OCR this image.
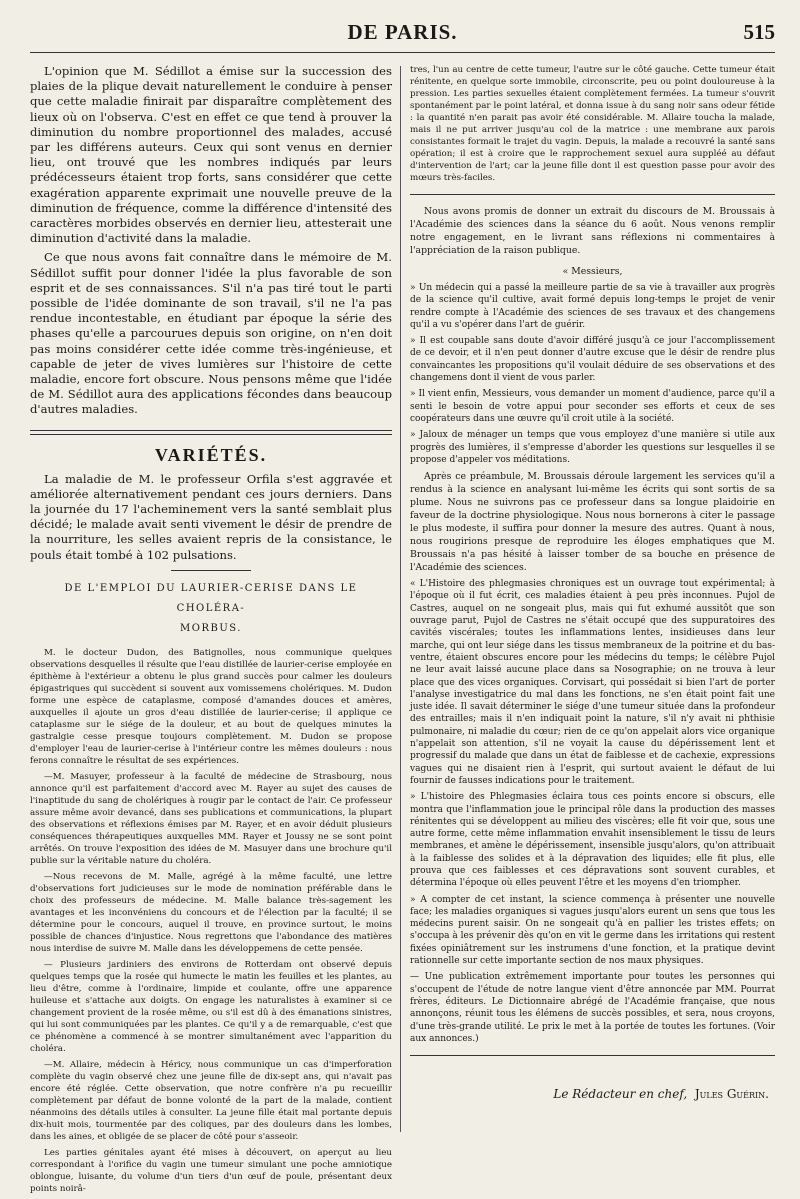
DE PARIS.	515

L'opinion que M. Sédillot a émise sur la succession des plaies de la plique devait naturellement le conduire à penser que cette maladie finirait par disparaître complètement des lieux où on l'observa. C'est en effet ce que tend à prouver la diminution du nombre proportionnel des malades, accusé par les différens auteurs. Ceux qui sont venus en dernier lieu, ont trouvé que les nombres indiqués par leurs prédécesseurs étaient trop forts, sans considérer que cette exagération apparente exprimait une nouvelle preuve de la diminution de fréquence, comme la différence d'intensité des caractères morbides observés en dernier lieu, attesterait une diminution d'activité dans la maladie.

Ce que nous avons fait connaître dans le mémoire de M. Sédillot suffit pour donner l'idée la plus favorable de son esprit et de ses connaissances. S'il n'a pas tiré tout le parti possible de l'idée dominante de son travail, s'il ne l'a pas rendue incontestable, en étudiant par époque la série des phases qu'elle a parcourues depuis son origine, on n'en doit pas moins considérer cette idée comme très-ingénieuse, et capable de jeter de vives lumières sur l'histoire de cette maladie, encore fort obscure. Nous pensons même que l'idée de M. Sédillot aura des applications fécondes dans beaucoup d'autres maladies.

VARIÉTÉS.

La maladie de M. le professeur Orfila s'est aggravée et améliorée alternativement pendant ces jours derniers. Dans la journée du 17 l'acheminement vers la santé semblait plus décidé; le malade avait senti vivement le désir de prendre de la nourriture, les selles avaient repris de la consistance, le pouls était tombé à 102 pulsations.

DE L'EMPLOI DU LAURIER-CERISE DANS LE CHOLÉRA-
MORBUS.

M. le docteur Dudon, des Batignolles, nous communique quelques observations desquelles il résulte que l'eau distillée de laurier-cerise employée en épithème à l'extérieur a obtenu le plus grand succès pour calmer les douleurs épigastriques qui succèdent si souvent aux vomissemens cholériques. M. Dudon forme une espèce de cataplasme, composé d'amandes douces et amères, auxquelles il ajoute un gros d'eau distillée de laurier-cerise; il applique ce cataplasme sur le siége de la douleur, et au bout de quelques minutes la gastralgie cesse presque toujours complètement. M. Dudon se propose d'employer l'eau de laurier-cerise à l'intérieur contre les mêmes douleurs : nous ferons connaître le résultat de ses expériences.

—M. Masuyer, professeur à la faculté de médecine de Strasbourg, nous annonce qu'il est parfaitement d'accord avec M. Rayer au sujet des causes de l'inaptitude du sang de cholériques à rougir par le contact de l'air. Ce professeur assure même avoir devancé, dans ses publications et communications, la plupart des observations et réflexions émises par M. Rayer, et en avoir déduit plusieurs conséquences thérapeutiques auxquelles MM. Rayer et Joussy ne se sont point arrêtés. On trouve l'exposition des idées de M. Masuyer dans une brochure qu'il publie sur la véritable nature du choléra.

—Nous recevons de M. Malle, agrégé à la même faculté, une lettre d'observations fort judicieuses sur le mode de nomination préférable dans le choix des professeurs de médecine. M. Malle balance très-sagement les avantages et les inconvéniens du concours et de l'élection par la faculté; il se détermine pour le concours, auquel il trouve, en province surtout, le moins possible de chances d'injustice. Nous regrettons que l'abondance des matières nous interdise de suivre M. Malle dans les développemens de cette pensée.

— Plusieurs jardiniers des environs de Rotterdam ont observé depuis quelques temps que la rosée qui humecte le matin les feuilles et les plantes, au lieu d'être, comme à l'ordinaire, limpide et coulante, offre une apparence huileuse et s'attache aux doigts. On engage les naturalistes à examiner si ce changement provient de la rosée même, ou s'il est dû à des émanations sinistres, qui lui sont communiquées par les plantes. Ce qu'il y a de remarquable, c'est que ce phénomène a commencé à se montrer simultanément avec l'apparition du choléra.

—M. Allaire, médecin à Héricy, nous communique un cas d'imperforation complète du vagin observé chez une jeune fille de dix-sept ans, qui n'avait pas encore été réglée. Cette observation, que notre confrère n'a pu recueillir complètement par défaut de bonne volonté de la part de la malade, contient néanmoins des détails utiles à consulter. La jeune fille était mal portante depuis dix-huit mois, tourmentée par des coliques, par des douleurs dans les lombes, dans les aines, et obligée de se placer de côté pour s'asseoir.

Les parties génitales ayant été mises à découvert, on aperçut au lieu correspondant à l'orifice du vagin une tumeur simulant une poche amniotique oblongue, luisante, du volume d'un tiers d'un œuf de poule, présentant deux points noirâ-

tres, l'un au centre de cette tumeur, l'autre sur le côté gauche. Cette tumeur était rénitente, en quelque sorte immobile, circonscrite, peu ou point douloureuse à la pression. Les parties sexuelles étaient complètement fermées. La tumeur s'ouvrit spontanément par le point latéral, et donna issue à du sang noir sans odeur fétide : la quantité n'en parait pas avoir été considérable. M. Allaire toucha la malade, mais il ne put arriver jusqu'au col de la matrice : une membrane aux parois consistantes formait le trajet du vagin. Depuis, la malade a recouvré la santé sans opération; il est à croire que le rapprochement sexuel aura suppléé au défaut d'intervention de l'art; car la jeune fille dont il est question passe pour avoir des mœurs très-faciles.

Nous avons promis de donner un extrait du discours de M. Broussais à l'Académie des sciences dans la séance du 6 août. Nous venons remplir notre engagement, en le livrant sans réflexions ni commentaires à l'appréciation de la raison publique.

« Messieurs,

» Un médecin qui a passé la meilleure partie de sa vie à travailler aux progrès de la science qu'il cultive, avait formé depuis long-temps le projet de venir rendre compte à l'Académie des sciences de ses travaux et des changemens qu'il a vu s'opérer dans l'art de guérir.

» Il est coupable sans doute d'avoir différé jusqu'à ce jour l'accomplissement de ce devoir, et il n'en peut donner d'autre excuse que le désir de rendre plus convaincantes les propositions qu'il voulait déduire de ses observations et des changemens dont il vient de vous parler.

» Il vient enfin, Messieurs, vous demander un moment d'audience, parce qu'il a senti le besoin de votre appui pour seconder ses efforts et ceux de ses coopérateurs dans une œuvre qu'il croit utile à la société.

» Jaloux de ménager un temps que vous employez d'une manière si utile aux progrès des lumières, il s'empresse d'aborder les questions sur lesquelles il se propose d'appeler vos méditations.

Après ce préambule, M. Broussais déroule largement les services qu'il a rendus à la science en analysant lui-même les écrits qui sont sortis de sa plume. Nous ne suivrons pas ce professeur dans sa longue plaidoirie en faveur de la doctrine physiologique. Nous nous bornerons à citer le passage le plus modeste, il suffira pour donner la mesure des autres. Quant à nous, nous rougirions presque de reproduire les éloges emphatiques que M. Broussais n'a pas hésité à laisser tomber de sa bouche en présence de l'Académie des sciences.

« L'Histoire des phlegmasies chroniques est un ouvrage tout expérimental; à l'époque où il fut écrit, ces maladies étaient à peu près inconnues. Pujol de Castres, auquel on ne songeait plus, mais qui fut exhumé aussitôt que son ouvrage parut, Pujol de Castres ne s'était occupé que des suppuratoires des cavités viscérales; toutes les inflammations lentes, insidieuses dans leur marche, qui ont leur siége dans les tissus membraneux de la poitrine et du bas-ventre, étaient obscures encore pour les médecins du temps; le célèbre Pujol ne leur avait laissé aucune place dans sa Nosographie; on ne trouva à leur place que des vices organiques. Corvisart, qui possédait si bien l'art de porter l'analyse investigatrice du mal dans les fonctions, ne s'en était point fait une juste idée. Il savait déterminer le siége d'une tumeur située dans la profondeur des entrailles; mais il n'en indiquait point la nature, s'il n'y avait ni phthisie pulmonaire, ni maladie du cœur; rien de ce qu'on appelait alors vice organique n'appelait son attention, s'il ne voyait la cause du dépérissement lent et progressif du malade que dans un état de faiblesse et de cachexie, expressions vagues qui ne disaient rien à l'esprit, qui surtout avaient le défaut de lui fournir de fausses indications pour le traitement.

» L'histoire des Phlegmasies éclaira tous ces points encore si obscurs, elle montra que l'inflammation joue le principal rôle dans la production des masses rénitentes qui se développent au milieu des viscères; elle fit voir que, sous une autre forme, cette même inflammation envahit insensiblement le tissu de leurs membranes, et amène le dépérissement, insensible jusqu'alors, qu'on attribuait à la faiblesse des solides et à la dépravation des liquides; elle fit plus, elle prouva que ces faiblesses et ces dépravations sont souvent curables, et détermina l'époque où elles peuvent l'être et les moyens d'en triompher.

» A compter de cet instant, la science commença à présenter une nouvelle face; les maladies organiques si vagues jusqu'alors eurent un sens que tous les médecins purent saisir. On ne songeait qu'à en pallier les tristes effets; on s'occupa à les prévenir dès qu'on en vit le germe dans les irritations qui restent fixées opiniâtrement sur les instrumens d'une fonction, et la pratique devint rationnelle sur cette importante section de nos maux physiques.

— Une publication extrêmement importante pour toutes les personnes qui s'occupent de l'étude de notre langue vient d'être annoncée par MM. Pourrat frères, éditeurs. Le Dictionnaire abrégé de l'Académie française, que nous annonçons, réunit tous les élémens de succès possibles, et sera, nous croyons, d'une très-grande utilité. Le prix le met à la portée de toutes les fortunes. (Voir aux annonces.)

Le Rédacteur en chef, Jules Guérin.
